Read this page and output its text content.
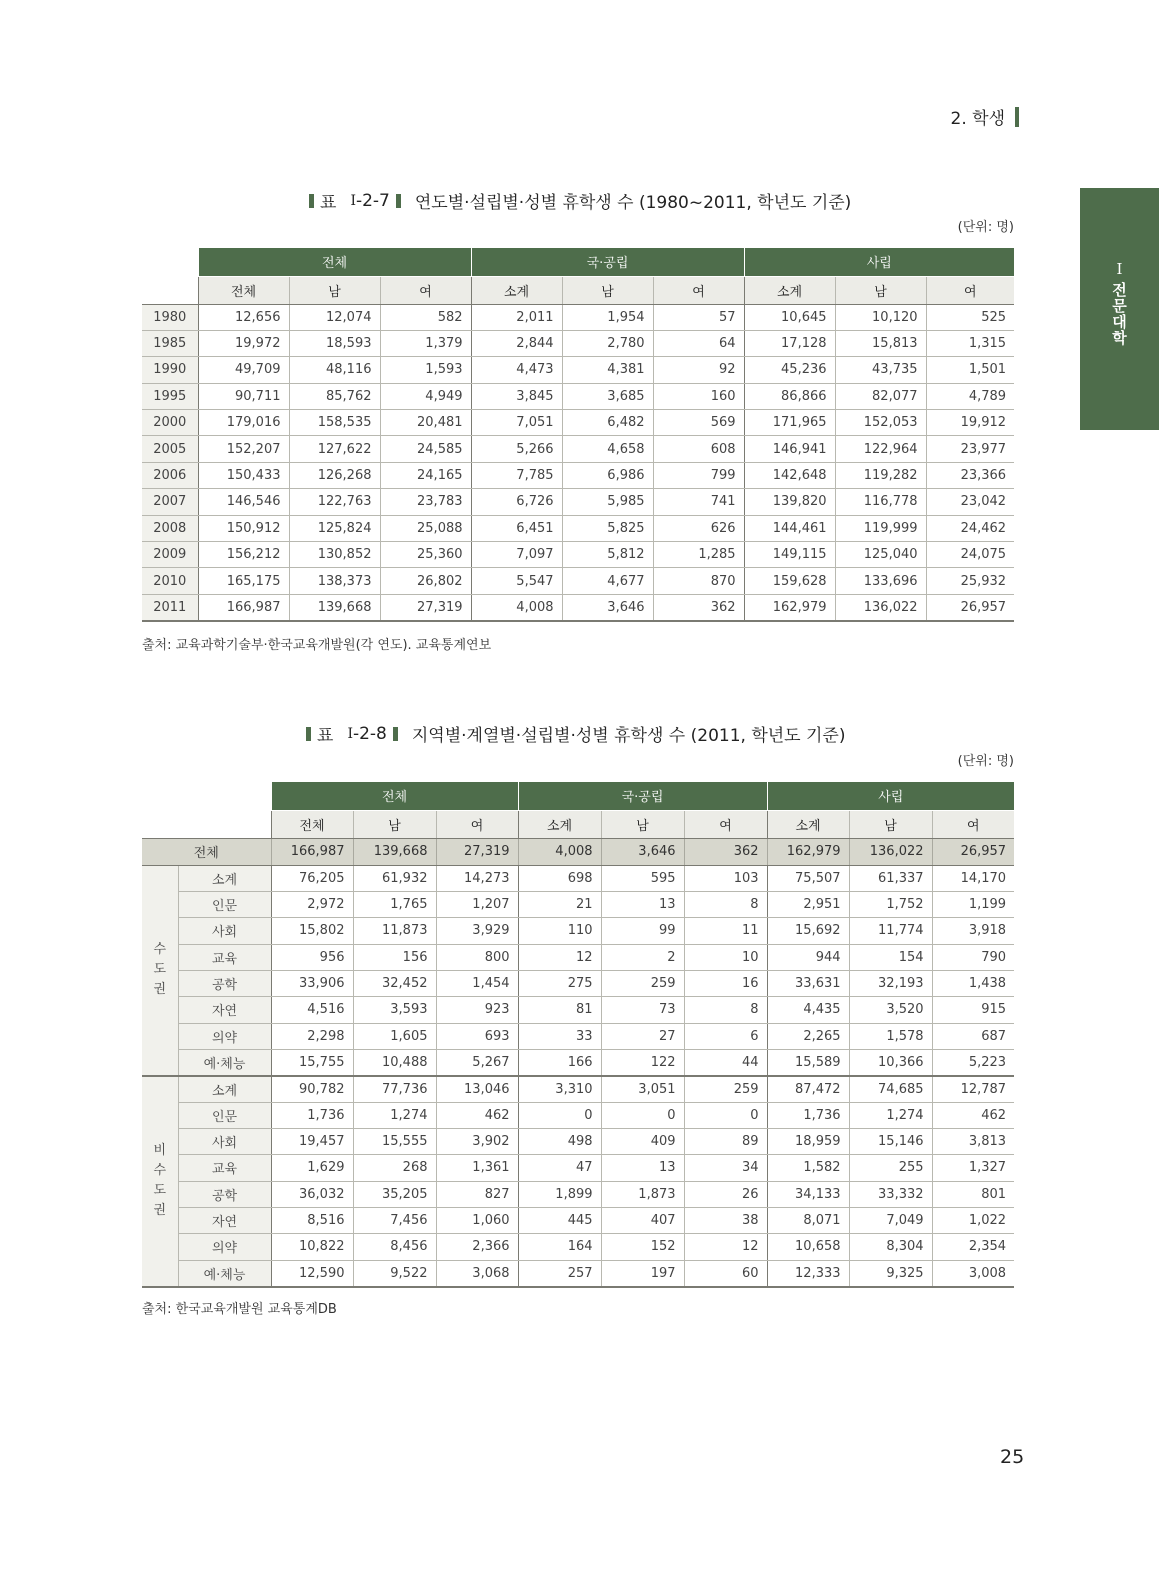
2. 학생
I
전
문
대
학
표 Ⅰ -2-7 연도별·설립별·성별 휴학생 수 (1980~2011, 학년도 기준)
(단위: 명)
	전체			국·공립			사립		
	전체	남	여	소계	남	여	소계	남	여
1980	12,656	12,074	582	2,011	1,954	57	10,645	10,120	525
1985	19,972	18,593	1,379	2,844	2,780	64	17,128	15,813	1,315
1990	49,709	48,116	1,593	4,473	4,381	92	45,236	43,735	1,501
1995	90,711	85,762	4,949	3,845	3,685	160	86,866	82,077	4,789
2000	179,016	158,535	20,481	7,051	6,482	569	171,965	152,053	19,912
2005	152,207	127,622	24,585	5,266	4,658	608	146,941	122,964	23,977
2006	150,433	126,268	24,165	7,785	6,986	799	142,648	119,282	23,366
2007	146,546	122,763	23,783	6,726	5,985	741	139,820	116,778	23,042
2008	150,912	125,824	25,088	6,451	5,825	626	144,461	119,999	24,462
2009	156,212	130,852	25,360	7,097	5,812	1,285	149,115	125,040	24,075
2010	165,175	138,373	26,802	5,547	4,677	870	159,628	133,696	25,932
2011	166,987	139,668	27,319	4,008	3,646	362	162,979	136,022	26,957
출처: 교육과학기술부·한국교육개발원(각 연도). 교육통계연보
표 Ⅰ -2-8 지역별·계열별·설립별·성별 휴학생 수 (2011, 학년도 기준)
(단위: 명)
		전체			국·공립			사립		
		전체	남	여	소계	남	여	소계	남	여
전체		166,987	139,668	27,319	4,008	3,646	362	162,979	136,022	26,957

수
도
권	소계	76,205	61,932	14,273	698	595	103	75,507	61,337	14,170
	인문	2,972	1,765	1,207	21	13	8	2,951	1,752	1,199
	사회	15,802	11,873	3,929	110	99	11	15,692	11,774	3,918
	교육	956	156	800	12	2	10	944	154	790
	공학	33,906	32,452	1,454	275	259	16	33,631	32,193	1,438
	자연	4,516	3,593	923	81	73	8	4,435	3,520	915
	의약	2,298	1,605	693	33	27	6	2,265	1,578	687
	예·체능	15,755	10,488	5,267	166	122	44	15,589	10,366	5,223

비
수
도
권	소계	90,782	77,736	13,046	3,310	3,051	259	87,472	74,685	12,787
	인문	1,736	1,274	462	0	0	0	1,736	1,274	462
	사회	19,457	15,555	3,902	498	409	89	18,959	15,146	3,813
	교육	1,629	268	1,361	47	13	34	1,582	255	1,327
	공학	36,032	35,205	827	1,899	1,873	26	34,133	33,332	801
	자연	8,516	7,456	1,060	445	407	38	8,071	7,049	1,022
	의약	10,822	8,456	2,366	164	152	12	10,658	8,304	2,354
	예·체능	12,590	9,522	3,068	257	197	60	12,333	9,325	3,008
출처: 한국교육개발원 교육통계DB
25
